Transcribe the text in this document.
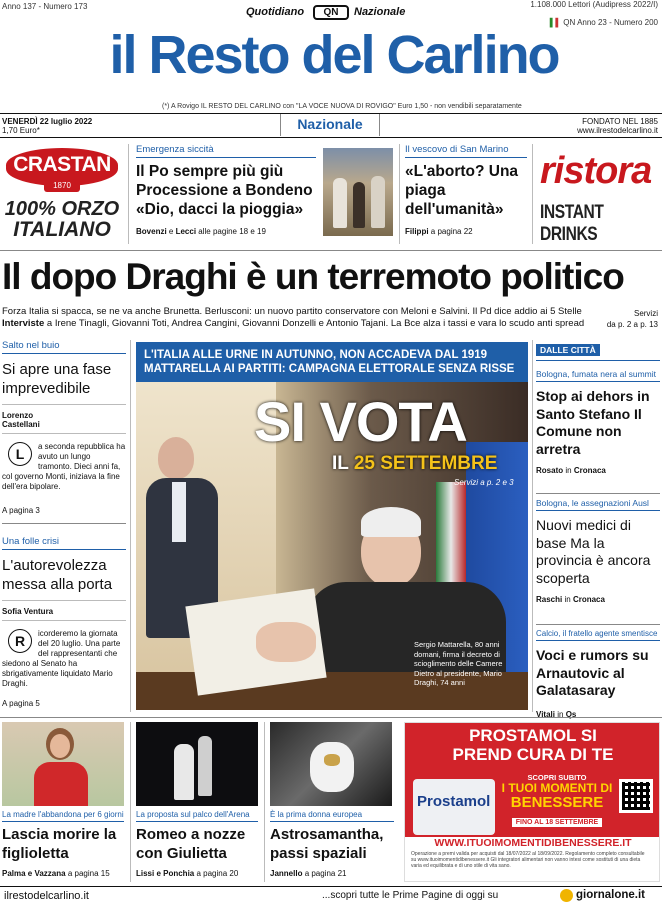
Anno 137 - Numero 173	Quotidiano	QN	Nazionale
1.108.000 Lettori (Audipress 2022/I)
▌▌ QN Anno 23 - Numero 200
il Resto del Carlino
(*) A Rovigo IL RESTO DEL CARLINO con "LA VOCE NUOVA DI ROVIGO" Euro 1,50 - non vendibili separatamente
VENERDÌ 22 luglio 2022
1,70 Euro*	Nazionale	FONDATO NEL 1885
www.ilrestodelcarlino.it
CRASTAN
1870
100% ORZO
ITALIANO
Emergenza siccità
Il Po sempre più giù Processione a Bondeno «Dio, dacci la pioggia»
Bovenzi e Lecci alle pagine 18 e 19
Il vescovo di San Marino
«L'aborto? Una piaga dell'umanità»
Filippi a pagina 22
ristora
INSTANT DRINKS
Il dopo Draghi è un terremoto politico
Forza Italia si spacca, se ne va anche Brunetta. Berlusconi: un nuovo partito conservatore con Meloni e Salvini. Il Pd dice addio ai 5 Stelle
Interviste a Irene Tinagli, Giovanni Toti, Andrea Cangini, Giovanni Donzelli e Antonio Tajani. La Bce alza i tassi e vara lo scudo anti spread
Servizi
da p. 2 a p. 13
Salto nel buio
Si apre una fase imprevedibile
Lorenzo Castellani
L	a seconda repubblica ha avuto un lungo tramonto. Dieci anni fa, col governo Monti, iniziava la fine dell'era bipolare.
A pagina 3
Una folle crisi
L'autorevolezza messa alla porta
Sofia Ventura
R	icorderemo la giornata del 20 luglio. Una parte del rappresentanti che siedono al Senato ha sbrigativamente liquidato Mario Draghi.
A pagina 5
L'ITALIA ALLE URNE IN AUTUNNO, NON ACCADEVA DAL 1919
MATTARELLA AI PARTITI: CAMPAGNA ELETTORALE SENZA RISSE
SI VOTA
IL 25 SETTEMBRE
Servizi a p. 2 e 3
Sergio Mattarella, 80 anni domani, firma il decreto di scioglimento delle Camere Dietro al presidente, Mario Draghi, 74 anni
DALLE CITTÀ
Bologna, fumata nera al summit
Stop ai dehors in Santo Stefano Il Comune non arretra
Rosato in Cronaca
Bologna, le assegnazioni Ausl
Nuovi medici di base Ma la provincia è ancora scoperta
Raschi in Cronaca
Calcio, il fratello agente smentisce
Voci e rumors su Arnautovic al Galatasaray
Vitali in Qs
La madre l'abbandona per 6 giorni
Lascia morire la figlioletta
Palma e Vazzana a pagina 15
La proposta sul palco dell'Arena
Romeo a nozze con Giulietta
Lissi e Ponchia a pagina 20
È la prima donna europea
Astrosamantha, passi spaziali
Jannello a pagina 21
PROSTAMOL SI
PREND CURA DI TE
Prostamol
SCOPRI SUBITO
I TUOI MOMENTI DI
BENESSERE
FINO AL 18 SETTEMBRE
WWW.ITUOIMOMENTIDIBENESSERE.IT
Operazione a premi valida per acquisti dal 18/07/2022 al 18/09/2022. Regolamento completo consultabile su www.ituoimomentidibenessere.it Gli integratori alimentari non vanno intesi come sostituti di una dieta varia ed equilibrata e di uno stile di vita sano.
ilrestodelcarlino.it	...scopri tutte le Prime Pagine di oggi su	giornalone.it
